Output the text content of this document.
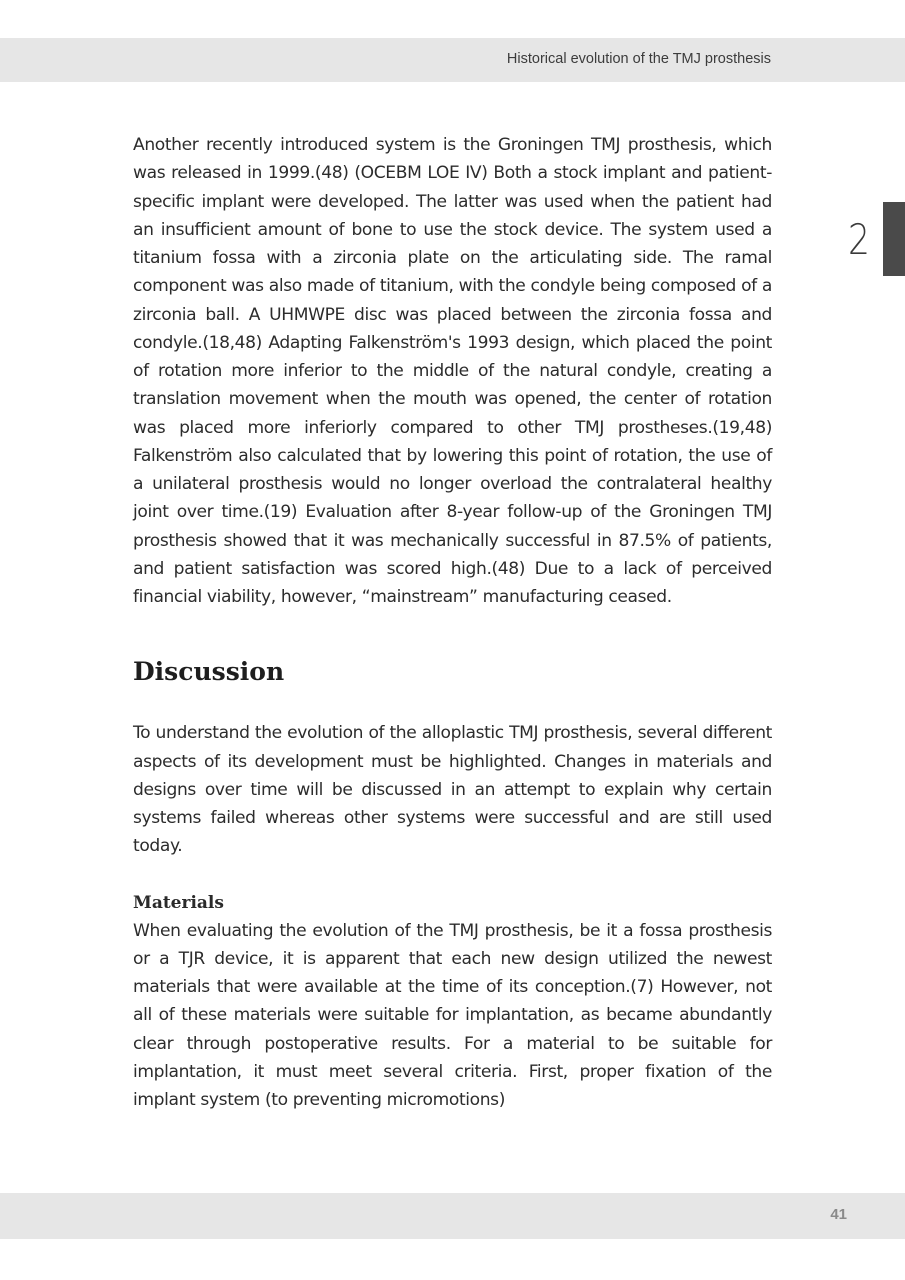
Historical evolution of the TMJ prosthesis
2

Another recently introduced system is the Groningen TMJ prosthesis, which was released in 1999.(48) (OCEBM LOE IV) Both a stock implant and patient-specific implant were developed. The latter was used when the patient had an insufficient amount of bone to use the stock device. The system used a titanium fossa with a zirconia plate on the articulating side. The ramal component was also made of titanium, with the condyle being composed of a zirconia ball. A UHMWPE disc was placed between the zirconia fossa and condyle.(18,48) Adapting Falkenström's 1993 design, which placed the point of rotation more inferior to the middle of the natural condyle, creating a translation movement when the mouth was opened, the center of rotation was placed more inferiorly compared to other TMJ prostheses.(19,48) Falkenström also calculated that by lowering this point of rotation, the use of a unilateral prosthesis would no longer overload the contralateral healthy joint over time.(19) Evaluation after 8-year follow-up of the Groningen TMJ prosthesis showed that it was mechanically successful in 87.5% of patients, and patient satisfaction was scored high.(48) Due to a lack of perceived financial viability, however, “mainstream” manufacturing ceased.

Discussion

To understand the evolution of the alloplastic TMJ prosthesis, several different aspects of its development must be highlighted. Changes in materials and designs over time will be discussed in an attempt to explain why certain systems failed whereas other systems were successful and are still used today.

Materials

When evaluating the evolution of the TMJ prosthesis, be it a fossa prosthesis or a TJR device, it is apparent that each new design utilized the newest materials that were available at the time of its conception.(7) However, not all of these materials were suitable for implantation, as became abundantly clear through postoperative results. For a material to be suitable for implantation, it must meet several criteria. First, proper fixation of the implant system (to preventing micromotions)

41
